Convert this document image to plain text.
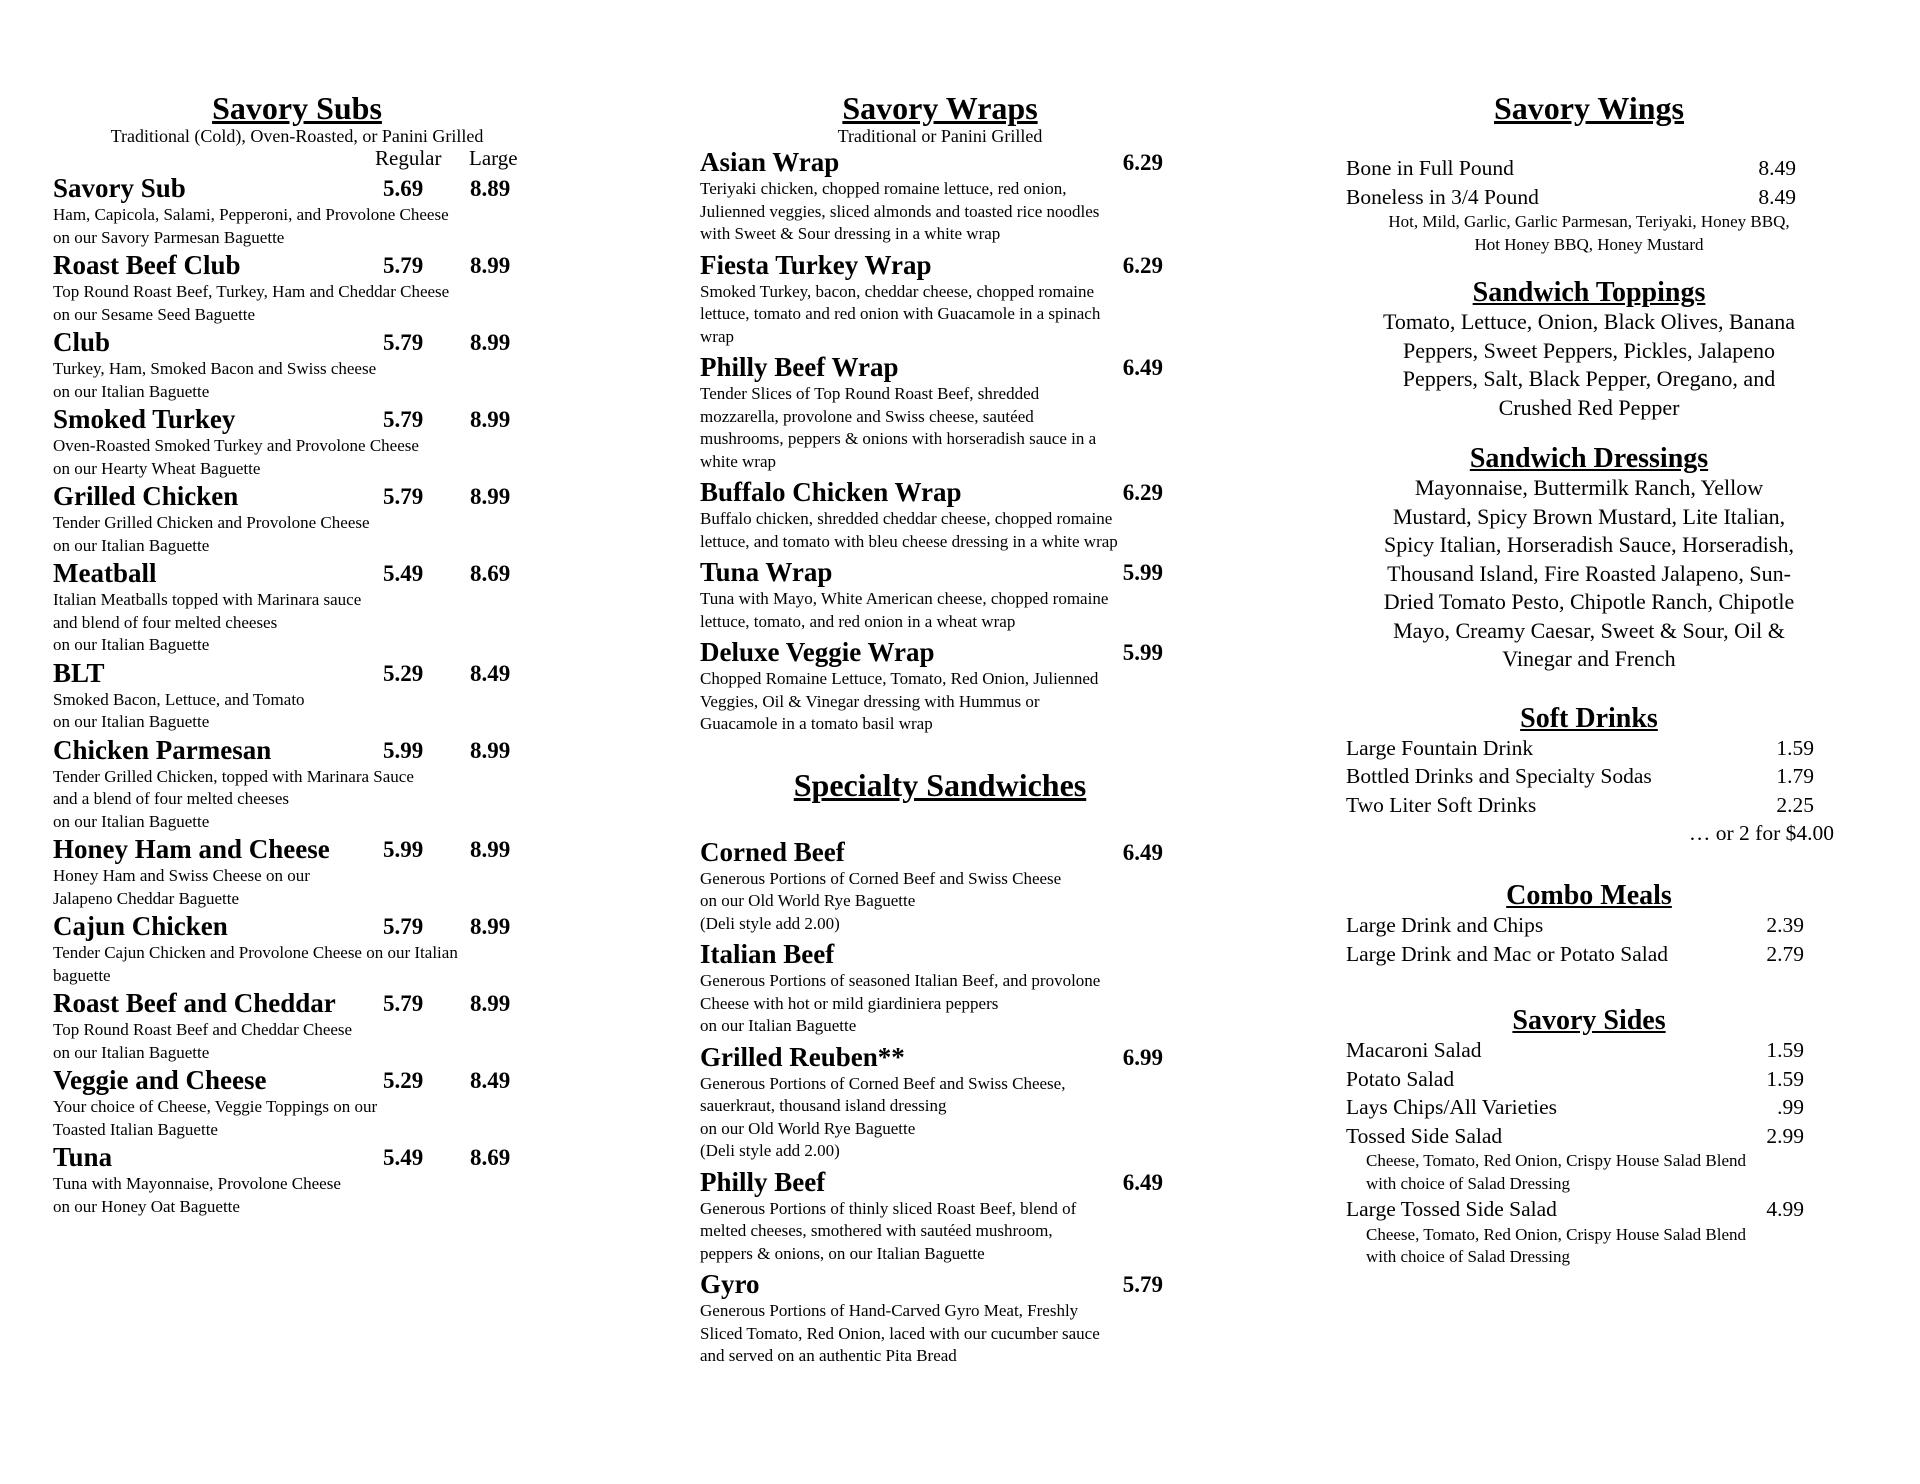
Savory Subs
Traditional (Cold), Oven-Roasted, or Panini Grilled
Regular Large
Savory Sub	5.69 8.89
Ham, Capicola, Salami, Pepperoni, and Provolone Cheese
on our Savory Parmesan Baguette
Roast Beef Club	5.79 8.99
Top Round Roast Beef, Turkey, Ham and Cheddar Cheese
on our Sesame Seed Baguette
Club	5.79 8.99
Turkey, Ham, Smoked Bacon and Swiss cheese
on our Italian Baguette
Smoked Turkey	5.79 8.99
Oven-Roasted Smoked Turkey and Provolone Cheese
on our Hearty Wheat Baguette
Grilled Chicken	5.79 8.99
Tender Grilled Chicken and Provolone Cheese
on our Italian Baguette
Meatball	5.49 8.69
Italian Meatballs topped with Marinara sauce
and blend of four melted cheeses
on our Italian Baguette
BLT	5.29 8.49
Smoked Bacon, Lettuce, and Tomato
on our Italian Baguette
Chicken Parmesan	5.99 8.99
Tender Grilled Chicken, topped with Marinara Sauce
and a blend of four melted cheeses
on our Italian Baguette
Honey Ham and Cheese 5.99 8.99
Honey Ham and Swiss Cheese on our
Jalapeno Cheddar Baguette
Cajun Chicken	5.79 8.99
Tender Cajun Chicken and Provolone Cheese on our Italian
baguette
Roast Beef and Cheddar 5.79 8.99
Top Round Roast Beef and Cheddar Cheese
on our Italian Baguette
Veggie and Cheese	5.29 8.49
Your choice of Cheese, Veggie Toppings on our
Toasted Italian Baguette
Tuna	5.49 8.69
Tuna with Mayonnaise, Provolone Cheese
on our Honey Oat Baguette
Savory Wraps
Traditional or Panini Grilled
Asian Wrap	6.29
Teriyaki chicken, chopped romaine lettuce, red onion,
Julienned veggies, sliced almonds and toasted rice noodles
with Sweet & Sour dressing in a white wrap
Fiesta Turkey Wrap	6.29
Smoked Turkey, bacon, cheddar cheese, chopped romaine
lettuce, tomato and red onion with Guacamole in a spinach
wrap
Philly Beef Wrap	6.49
Tender Slices of Top Round Roast Beef, shredded
mozzarella, provolone and Swiss cheese, sautéed
mushrooms, peppers & onions with horseradish sauce in a
white wrap
Buffalo Chicken Wrap	6.29
Buffalo chicken, shredded cheddar cheese, chopped romaine
lettuce, and tomato with bleu cheese dressing in a white wrap
Tuna Wrap	5.99
Tuna with Mayo, White American cheese, chopped romaine
lettuce, tomato, and red onion in a wheat wrap
Deluxe Veggie Wrap	5.99
Chopped Romaine Lettuce, Tomato, Red Onion, Julienned
Veggies, Oil & Vinegar dressing with Hummus or
Guacamole in a tomato basil wrap
Specialty Sandwiches
Corned Beef	6.49
Generous Portions of Corned Beef and Swiss Cheese
on our Old World Rye Baguette
(Deli style add 2.00)
Italian Beef
Generous Portions of seasoned Italian Beef, and provolone
Cheese with hot or mild giardiniera peppers
on our Italian Baguette
Grilled Reuben**	6.99
Generous Portions of Corned Beef and Swiss Cheese,
sauerkraut, thousand island dressing
on our Old World Rye Baguette
(Deli style add 2.00)
Philly Beef	6.49
Generous Portions of thinly sliced Roast Beef, blend of
melted cheeses, smothered with sautéed mushroom,
peppers & onions, on our Italian Baguette
Gyro	5.79
Generous Portions of Hand-Carved Gyro Meat, Freshly
Sliced Tomato, Red Onion, laced with our cucumber sauce
and served on an authentic Pita Bread
Savory Wings
Bone in Full Pound	8.49
Boneless in 3/4 Pound	8.49
Hot, Mild, Garlic, Garlic Parmesan, Teriyaki, Honey BBQ,
Hot Honey BBQ, Honey Mustard
Sandwich Toppings
Tomato, Lettuce, Onion, Black Olives, Banana
Peppers, Sweet Peppers, Pickles, Jalapeno
Peppers, Salt, Black Pepper, Oregano, and
Crushed Red Pepper
Sandwich Dressings
Mayonnaise, Buttermilk Ranch, Yellow
Mustard, Spicy Brown Mustard, Lite Italian,
Spicy Italian, Horseradish Sauce, Horseradish,
Thousand Island, Fire Roasted Jalapeno, Sun-
Dried Tomato Pesto, Chipotle Ranch, Chipotle
Mayo, Creamy Caesar, Sweet & Sour, Oil &
Vinegar and French
Soft Drinks
Large Fountain Drink	1.59
Bottled Drinks and Specialty Sodas	1.79
Two Liter Soft Drinks	2.25
… or 2 for $4.00
Combo Meals
Large Drink and Chips	2.39
Large Drink and Mac or Potato Salad	2.79
Savory Sides
Macaroni Salad	1.59
Potato Salad	1.59
Lays Chips/All Varieties	.99
Tossed Side Salad	2.99
Cheese, Tomato, Red Onion, Crispy House Salad Blend
with choice of Salad Dressing
Large Tossed Side Salad	4.99
Cheese, Tomato, Red Onion, Crispy House Salad Blend
with choice of Salad Dressing
